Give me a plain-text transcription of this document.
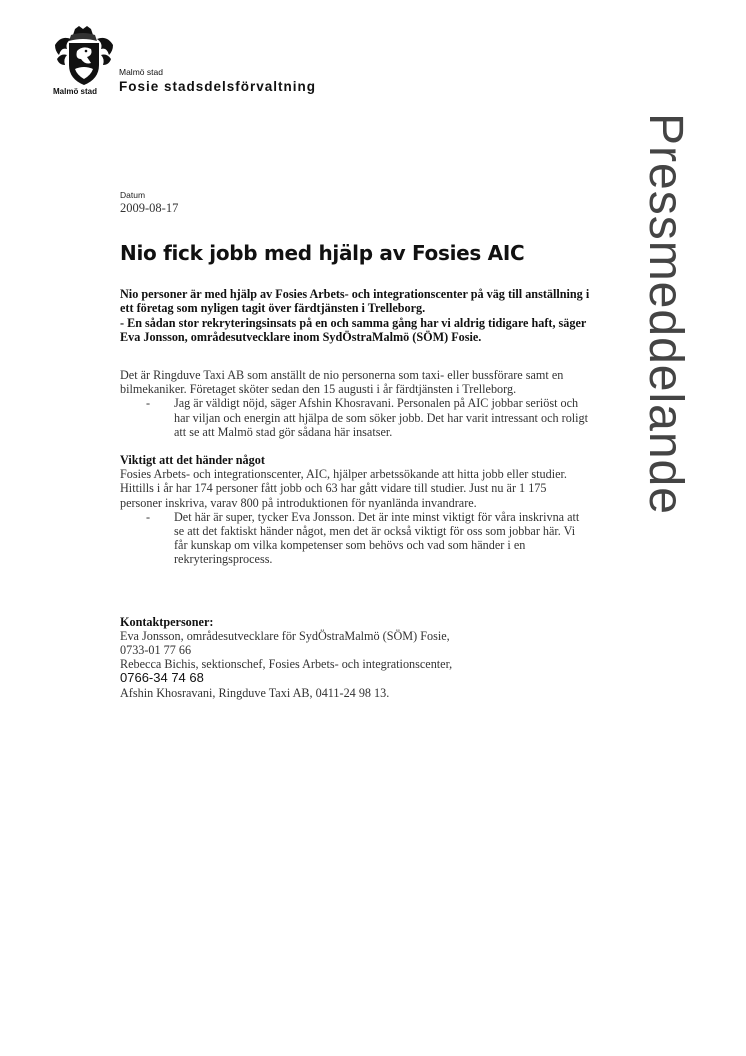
Malmö stad
Malmö stad
Fosie stadsdelsförvaltning
Pressmeddelande
Datum
2009-08-17
Nio fick jobb med hjälp av Fosies AIC

Nio personer är med hjälp av Fosies Arbets- och integrationscenter på väg till anställning i ett företag som nyligen tagit över färdtjänsten i Trelleborg.

- En sådan stor rekryteringsinsats på en och samma gång har vi aldrig tidigare haft, säger Eva Jonsson, områdesutvecklare inom SydÖstraMalmö (SÖM) Fosie.

Det är Ringduve Taxi AB som anställt de nio personerna som taxi- eller bussförare samt en bilmekaniker. Företaget sköter sedan den 15 augusti i år färdtjänsten i Trelleborg.

-	Jag är väldigt nöjd, säger Afshin Khosravani. Personalen på AIC jobbar seriöst och har viljan och energin att hjälpa de som söker jobb. Det har varit intressant och roligt att se att Malmö stad gör sådana här insatser.

Viktigt att det händer något

Fosies Arbets- och integrationscenter, AIC, hjälper arbetssökande att hitta jobb eller studier. Hittills i år har 174 personer fått jobb och 63 har gått vidare till studier. Just nu är 1 175 personer inskriva, varav 800 på introduktionen för nyanlända invandrare.

-	Det här är super, tycker Eva Jonsson. Det är inte minst viktigt för våra inskrivna att se att det faktiskt händer något, men det är också viktigt för oss som jobbar här. Vi får kunskap om vilka kompetenser som behövs och vad som händer i en rekryteringsprocess.

Kontaktpersoner:

Eva Jonsson, områdesutvecklare för SydÖstraMalmö (SÖM) Fosie,

0733-01 77 66

Rebecca Bichis, sektionschef, Fosies Arbets- och integrationscenter,

0766-34 74 68

Afshin Khosravani, Ringduve Taxi AB, 0411-24 98 13.
